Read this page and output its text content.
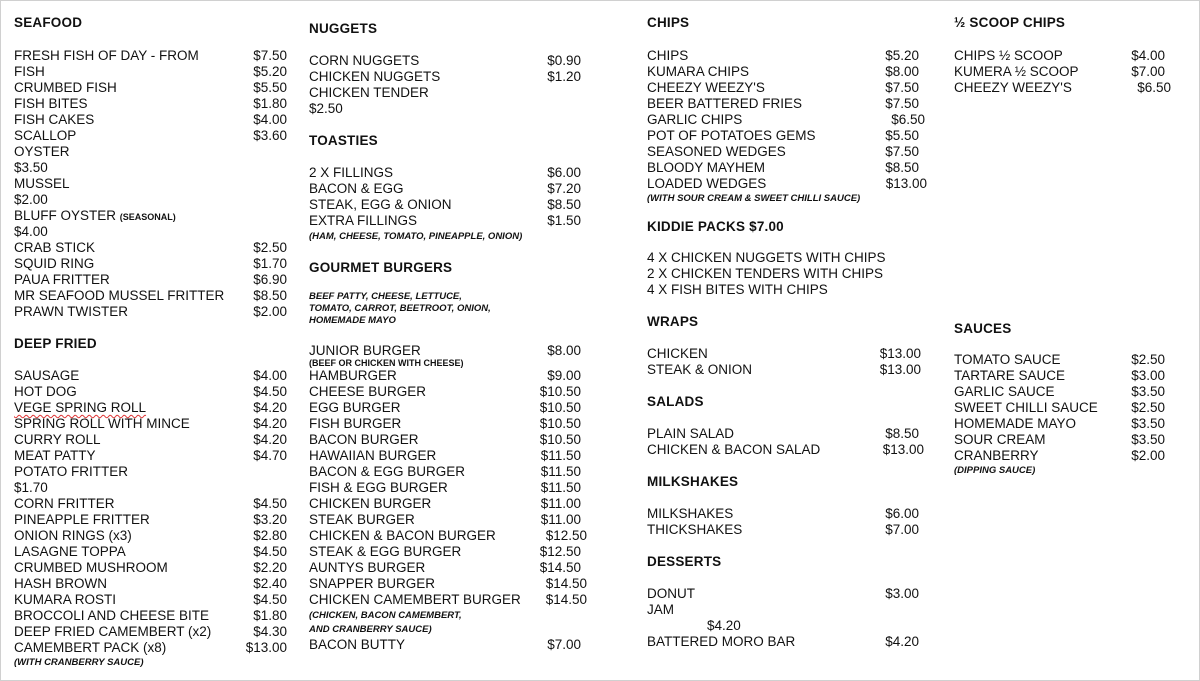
SEAFOOD
FRESH FISH OF DAY - FROM	$7.50
FISH	$5.20
CRUMBED FISH	$5.50
FISH BITES	$1.80
FISH CAKES	$4.00
SCALLOP	$3.60
OYSTER
$3.50
MUSSEL
$2.00
BLUFF OYSTER (SEASONAL)
$4.00
CRAB STICK	$2.50
SQUID RING	$1.70
PAUA FRITTER	$6.90
MR SEAFOOD MUSSEL FRITTER $8.50
PRAWN TWISTER	$2.00
DEEP FRIED
SAUSAGE	$4.00
HOT DOG	$4.50
VEGE SPRING ROLL	$4.20
SPRING ROLL WITH MINCE	$4.20
CURRY ROLL	$4.20
MEAT PATTY	$4.70
POTATO FRITTER
$1.70
CORN FRITTER	$4.50
PINEAPPLE FRITTER	$3.20
ONION RINGS (x3)	$2.80
LASAGNE TOPPA	$4.50
CRUMBED MUSHROOM	$2.20
HASH BROWN	$2.40
KUMARA ROSTI	$4.50
BROCCOLI AND CHEESE BITE	$1.80
DEEP FRIED CAMEMBERT (x2)	$4.30
CAMEMBERT PACK (x8)	$13.00
(WITH CRANBERRY SAUCE)
NUGGETS
CORN NUGGETS	$0.90
CHICKEN NUGGETS	$1.20
CHICKEN TENDER
$2.50
TOASTIES
2 X FILLINGS	$6.00
BACON & EGG	$7.20
STEAK, EGG & ONION	$8.50
EXTRA FILLINGS	$1.50
(HAM, CHEESE, TOMATO, PINEAPPLE, ONION)
GOURMET BURGERS
BEEF PATTY, CHEESE, LETTUCE,
TOMATO, CARROT, BEETROOT, ONION,
HOMEMADE MAYO
JUNIOR BURGER	$8.00
(BEEF OR CHICKEN WITH CHEESE)
HAMBURGER	$9.00
CHEESE BURGER	$10.50
EGG BURGER	$10.50
FISH BURGER	$10.50
BACON BURGER	$10.50
HAWAIIAN BURGER	$11.50
BACON & EGG BURGER	$11.50
FISH & EGG BURGER	$11.50
CHICKEN BURGER	$11.00
STEAK BURGER	$11.00
CHICKEN & BACON BURGER	$12.50
STEAK & EGG BURGER	$12.50
AUNTYS BURGER	$14.50
SNAPPER BURGER	$14.50
CHICKEN CAMEMBERT BURGER $14.50
(CHICKEN, BACON CAMEMBERT,
AND CRANBERRY SAUCE)
BACON BUTTY	$7.00
CHIPS
CHIPS	$5.20
KUMARA CHIPS	$8.00
CHEEZY WEEZY'S	$7.50
BEER BATTERED FRIES	$7.50
GARLIC CHIPS	$6.50
POT OF POTATOES GEMS	$5.50
SEASONED WEDGES	$7.50
BLOODY MAYHEM	$8.50
LOADED WEDGES	$13.00
(WITH SOUR CREAM & SWEET CHILLI SAUCE)
KIDDIE PACKS $7.00
4 X CHICKEN NUGGETS WITH CHIPS
2 X CHICKEN TENDERS WITH CHIPS
4 X FISH BITES WITH CHIPS
WRAPS
CHICKEN	$13.00
STEAK & ONION	$13.00
SALADS
PLAIN SALAD	$8.50
CHICKEN & BACON SALAD	$13.00
MILKSHAKES
MILKSHAKES	$6.00
THICKSHAKES	$7.00
DESSERTS
DONUT	$3.00
JAM
$4.20
BATTERED MORO BAR	$4.20
½ SCOOP CHIPS
CHIPS ½ SCOOP	$4.00
KUMERA ½ SCOOP	$7.00
CHEEZY WEEZY'S	$6.50
SAUCES
TOMATO SAUCE	$2.50
TARTARE SAUCE	$3.00
GARLIC SAUCE	$3.50
SWEET CHILLI SAUCE $2.50
HOMEMADE MAYO	$3.50
SOUR CREAM	$3.50
CRANBERRY	$2.00
(DIPPING SAUCE)
